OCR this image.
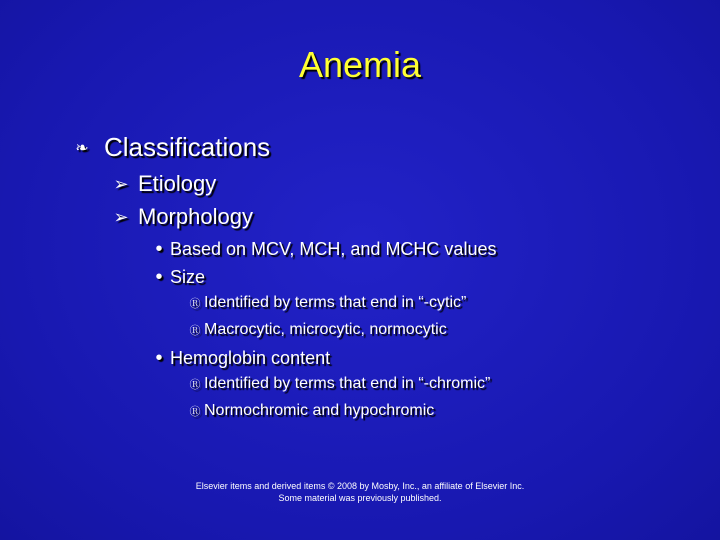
Anemia
❧ Classifications
➢ Etiology
➢ Morphology
• Based on MCV, MCH, and MCHC values
• Size
Ⓡ Identified by terms that end in “-cytic”
Ⓡ Macrocytic, microcytic, normocytic
• Hemoglobin content
Ⓡ Identified by terms that end in “-chromic”
Ⓡ Normochromic and hypochromic
Elsevier items and derived items © 2008 by Mosby, Inc., an affiliate of Elsevier Inc.
Some material was previously published.
